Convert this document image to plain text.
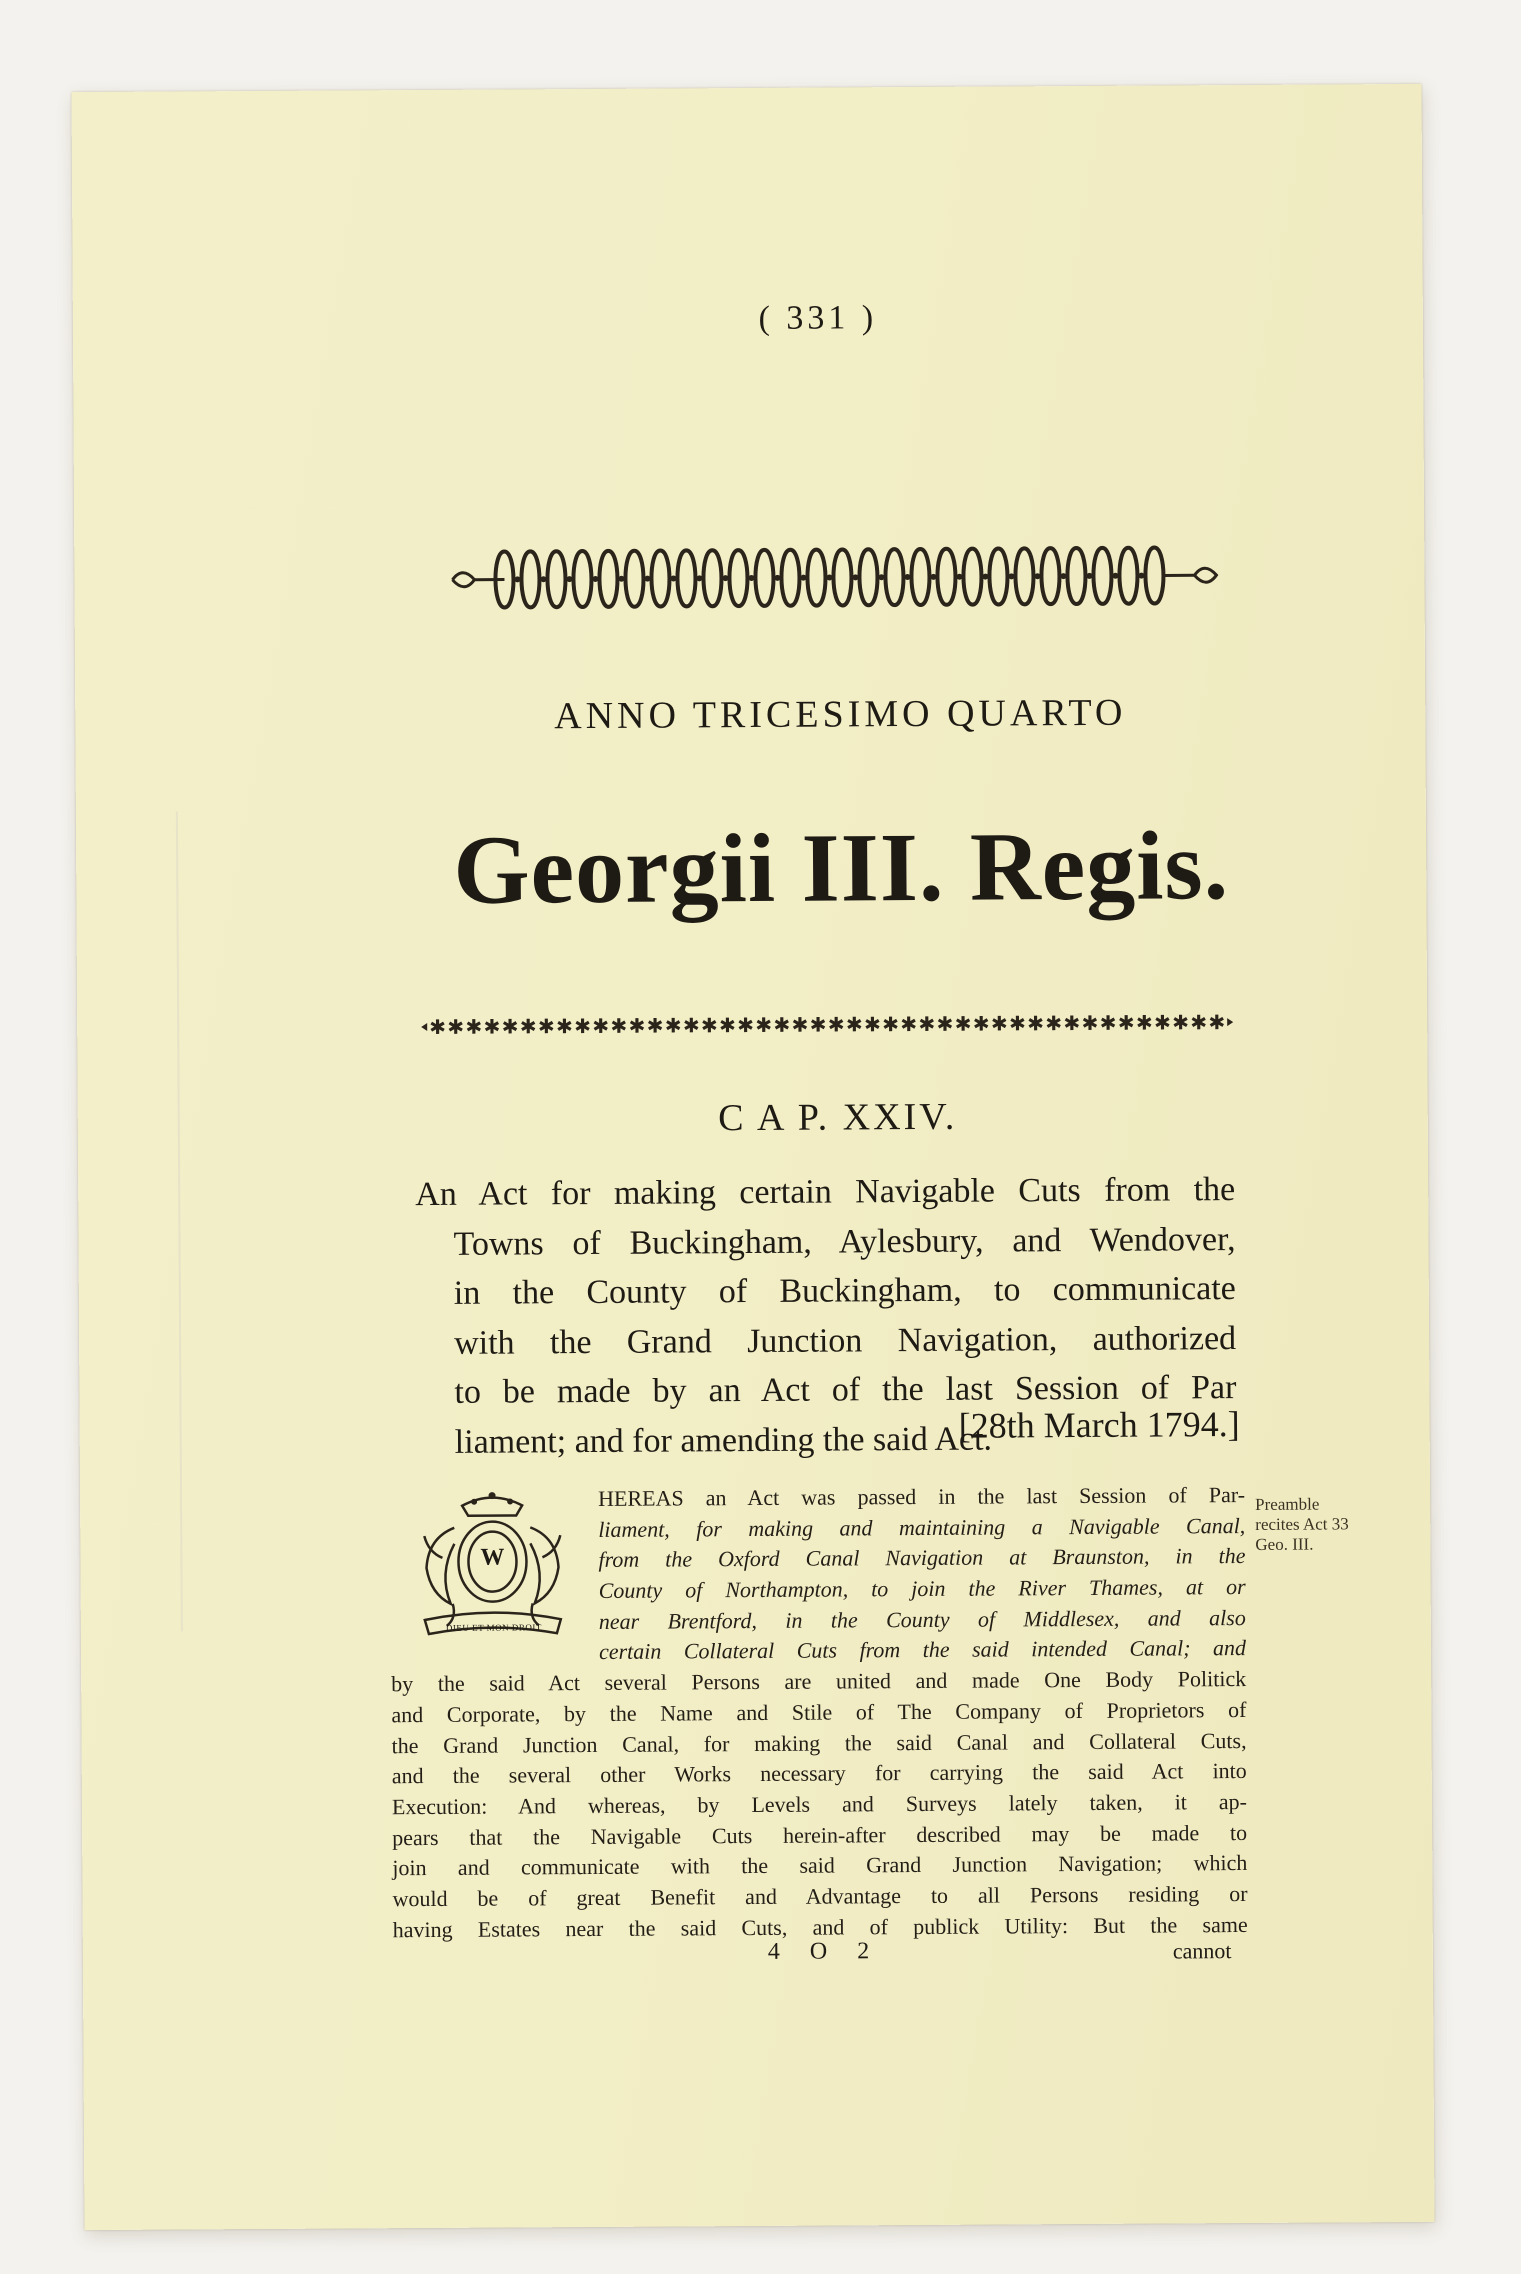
( 331 )
ANNO TRICESIMO QUARTO
Georgii III. Regis.
✱✱✱✱✱✱✱✱✱✱✱✱✱✱✱✱✱✱✱✱✱✱✱✱✱✱✱✱✱✱✱✱✱✱✱✱✱✱✱✱✱✱✱✱
C A P. XXIV.
An Act for making certain Navigable Cuts from the
Towns of Buckingham, Aylesbury, and Wendover,
in the County of Buckingham, to communicate
with the Grand Junction Navigation, authorized
to be made by an Act of the last Session of Par
liament; and for amending the said Act.
[28th March 1794.]
W
DIEU ET MON DROIT
HEREAS an Act was passed in the last Session of Par-
liament, for making and maintaining a Navigable Canal,
from the Oxford Canal Navigation at Braunston, in the
County of Northampton, to join the River Thames, at or
near Brentford, in the County of Middlesex, and also
certain Collateral Cuts from the said intended Canal; and
by the said Act several Persons are united and made One Body Politick
and Corporate, by the Name and Stile of The Company of Proprietors of
the Grand Junction Canal, for making the said Canal and Collateral Cuts,
and the several other Works necessary for carrying the said Act into
Execution: And whereas, by Levels and Surveys lately taken, it ap-
pears that the Navigable Cuts herein-after described may be made to
join and communicate with the said Grand Junction Navigation; which
would be of great Benefit and Advantage to all Persons residing or
having Estates near the said Cuts, and of publick Utility: But the same
Preamble recites Act 33 Geo. III.
4 O 2	cannot
